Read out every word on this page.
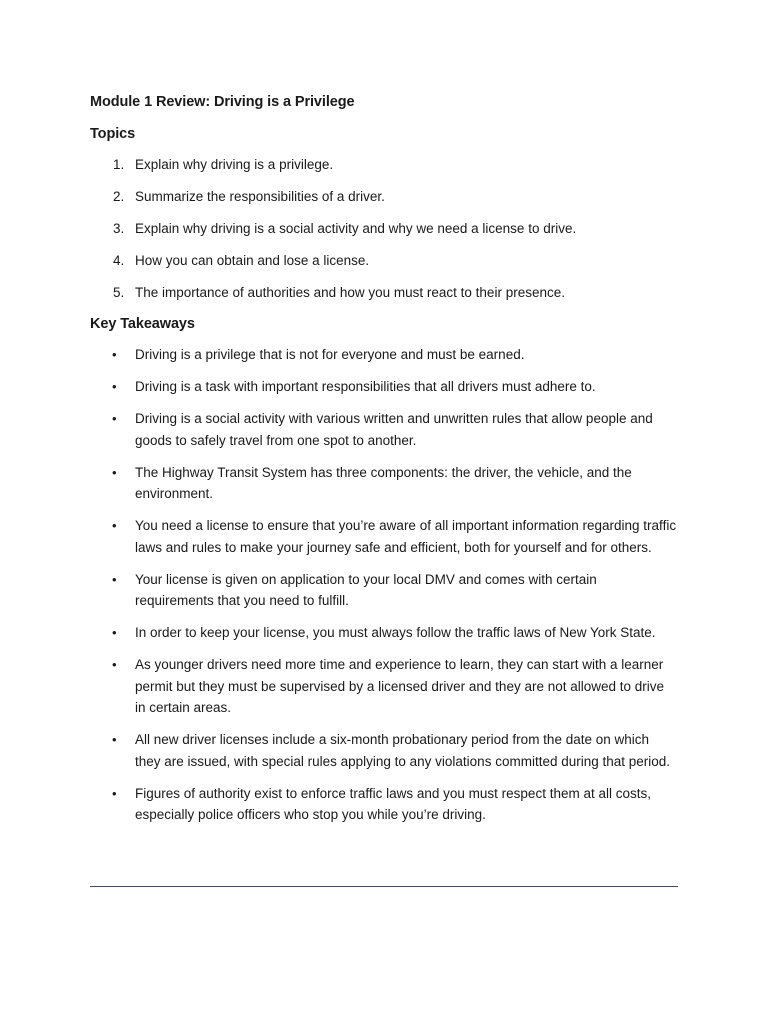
Module 1 Review: Driving is a Privilege
Topics
1. Explain why driving is a privilege.
2. Summarize the responsibilities of a driver.
3. Explain why driving is a social activity and why we need a license to drive.
4. How you can obtain and lose a license.
5. The importance of authorities and how you must react to their presence.
Key Takeaways
• Driving is a privilege that is not for everyone and must be earned.
• Driving is a task with important responsibilities that all drivers must adhere to.
• Driving is a social activity with various written and unwritten rules that allow people and goods to safely travel from one spot to another.
• The Highway Transit System has three components: the driver, the vehicle, and the environment.
• You need a license to ensure that you’re aware of all important information regarding traffic laws and rules to make your journey safe and efficient, both for yourself and for others.
• Your license is given on application to your local DMV and comes with certain requirements that you need to fulfill.
• In order to keep your license, you must always follow the traffic laws of New York State.
• As younger drivers need more time and experience to learn, they can start with a learner permit but they must be supervised by a licensed driver and they are not allowed to drive in certain areas.
• All new driver licenses include a six-month probationary period from the date on which they are issued, with special rules applying to any violations committed during that period.
• Figures of authority exist to enforce traffic laws and you must respect them at all costs, especially police officers who stop you while you’re driving.
